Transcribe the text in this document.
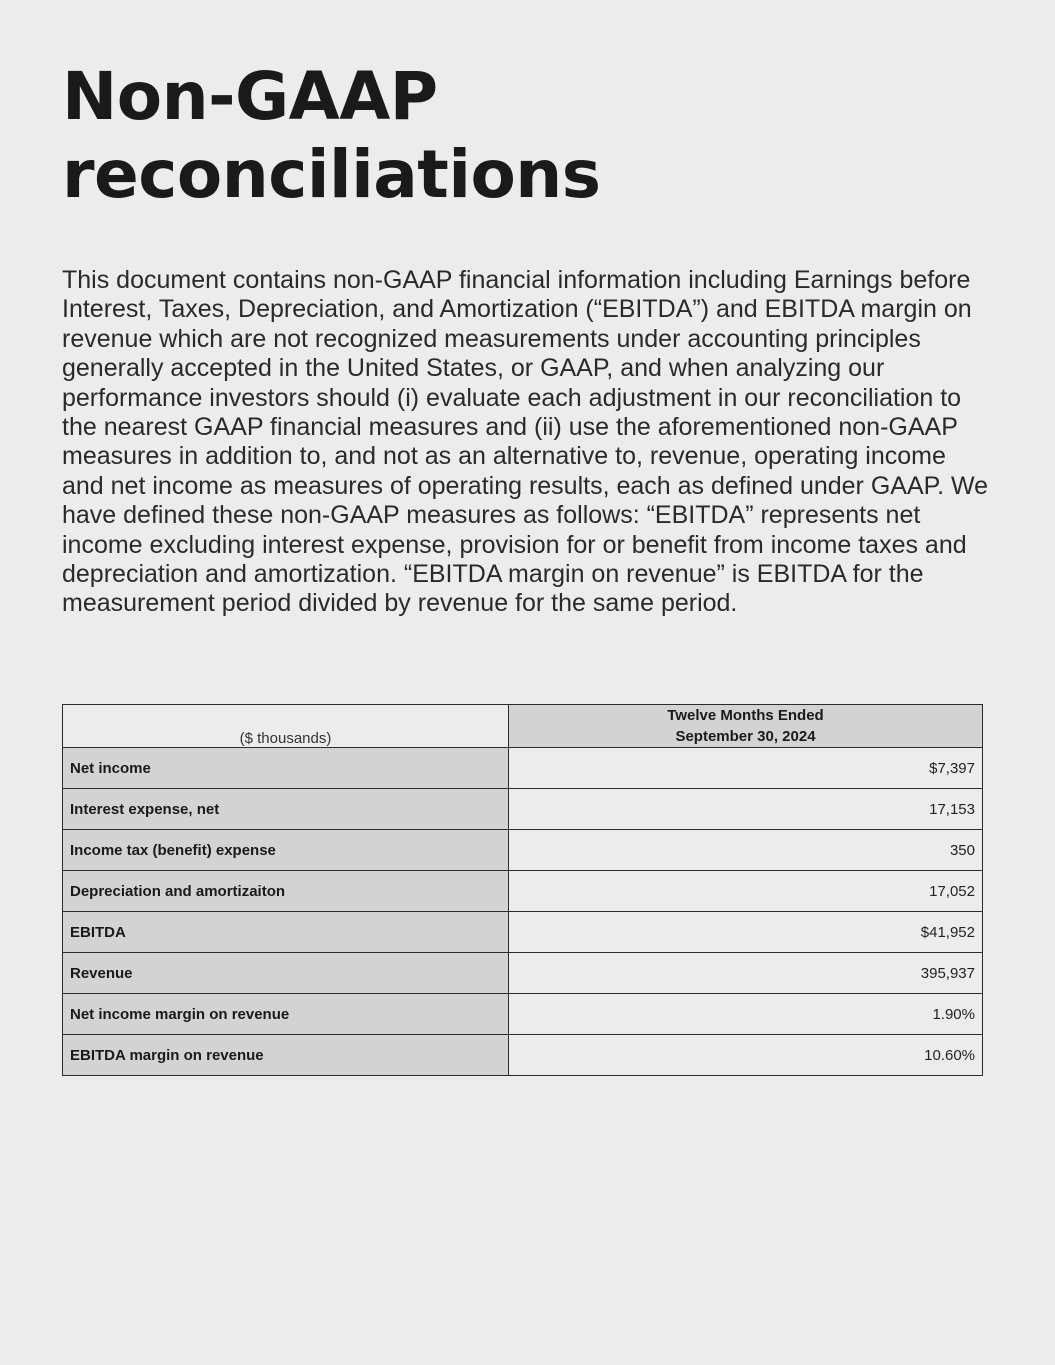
Non-GAAP reconciliations

This document contains non-GAAP financial information including Earnings before Interest, Taxes, Depreciation, and Amortization (“EBITDA”) and EBITDA margin on revenue which are not recognized measurements under accounting principles generally accepted in the United States, or GAAP, and when analyzing our performance investors should (i) evaluate each adjustment in our reconciliation to the nearest GAAP financial measures and (ii) use the aforementioned non-GAAP measures in addition to, and not as an alternative to, revenue, operating income and net income as measures of operating results, each as defined under GAAP. We have defined these non-GAAP measures as follows: “EBITDA” represents net income excluding interest expense, provision for or benefit from income taxes and depreciation and amortization. “EBITDA margin on revenue” is EBITDA for the measurement period divided by revenue for the same period.

($ thousands)	Twelve Months Ended
September 30, 2024

Net income	$7,397
Interest expense, net	17,153
Income tax (benefit) expense	350
Depreciation and amortizaiton	17,052
EBITDA	$41,952
Revenue	395,937
Net income margin on revenue	1.90%
EBITDA margin on revenue	10.60%
